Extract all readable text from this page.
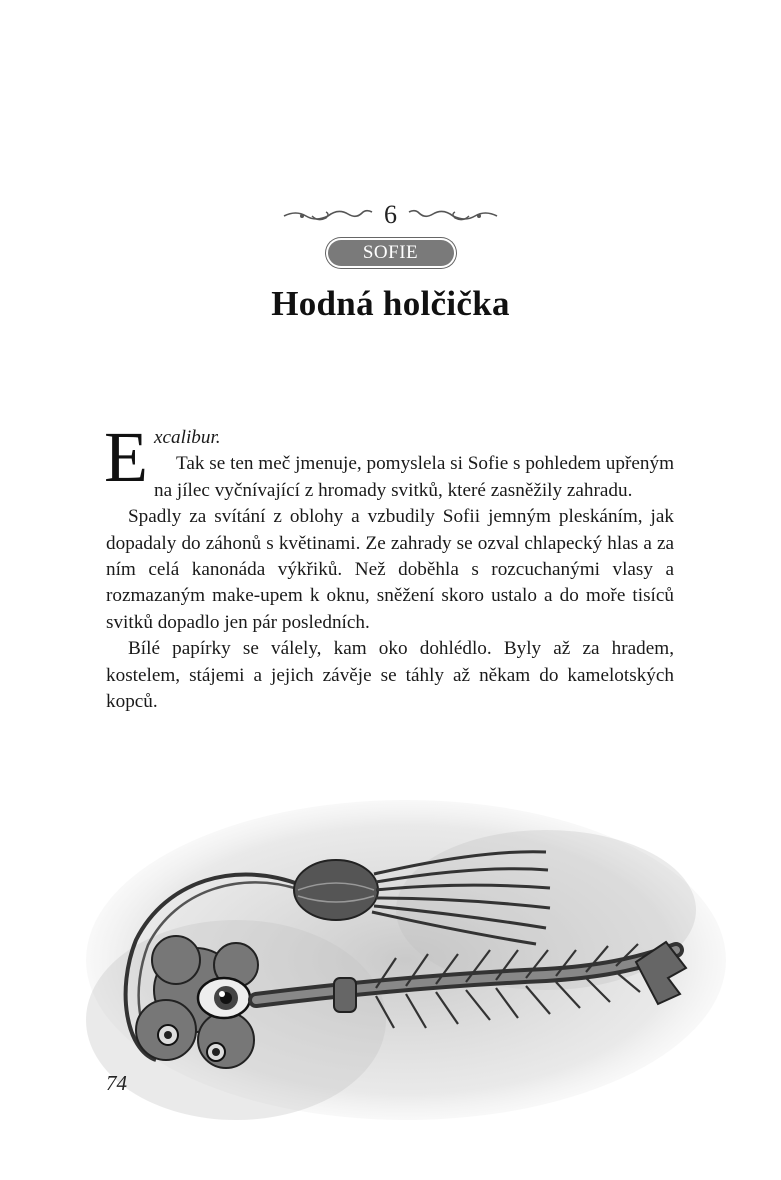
6
SOFIE
Hodná holčička

E xcalibur.
Tak se ten meč jmenuje, pomyslela si Sofie s pohledem upřeným na jílec vyčnívající z hromady svitků, které zasněžily zahradu.

Spadly za svítání z oblohy a vzbudily Sofii jemným pleskáním, jak dopadaly do záhonů s květinami. Ze zahrady se ozval chlapecký hlas a za ním celá kanonáda výkřiků. Než doběhla s rozcuchanými vlasy a rozmazaným make-upem k oknu, sněžení skoro ustalo a do moře tisíců svitků dopadlo jen pár posledních.

Bílé papírky se válely, kam oko dohlédlo. Byly až za hradem, kostelem, stájemi a jejich závěje se táhly až někam do kamelotských kopců.

74
